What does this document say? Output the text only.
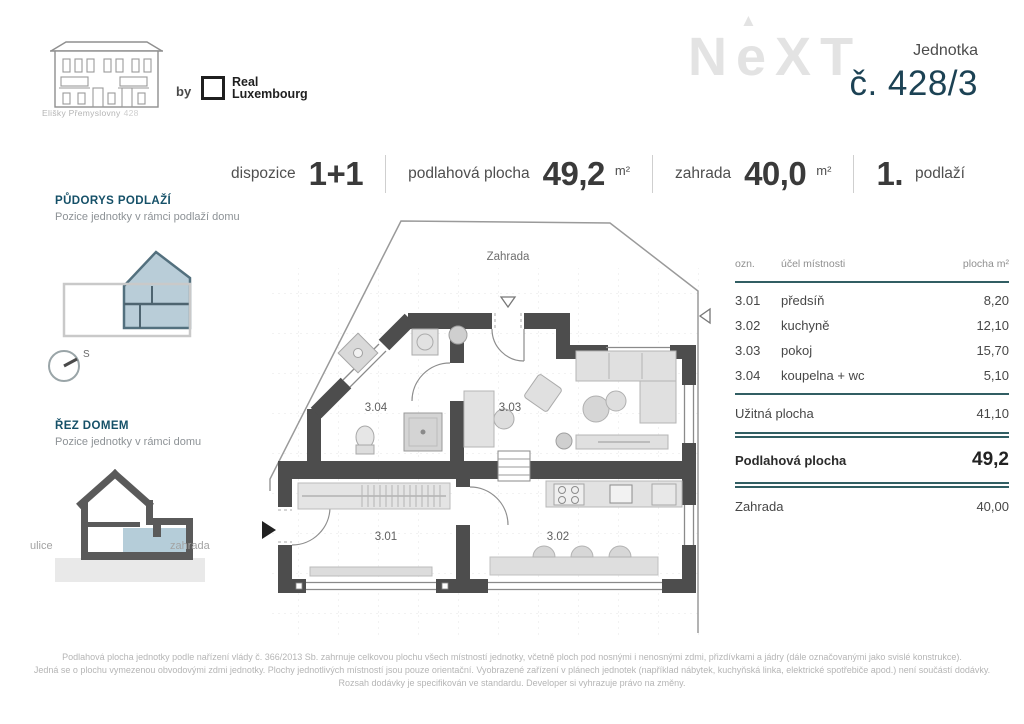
Elišky Přemyslovny 428
by
Real
Luxembourg
N e
▲
X T	Jednotka
č. 428/3
dispozice 1+1	podlahová plocha 49,2 m²	zahrada 40,0 m² 1. podlaží
PŮDORYS PODLAŽÍ
Pozice jednotky v rámci podlaží domu
S
ŘEZ DOMEM
Pozice jednotky v rámci domu
ulice	zahrada
Zahrada
3.01	3.02
3.03
3.04
ozn.	účel místnosti	plocha m²
3.01	předsíň	8,20
3.02	kuchyně	12,10
3.03	pokoj	15,70
3.04	koupelna + wc	5,10
Užitná plocha	41,10
Podlahová plocha	49,2
Zahrada	40,00
Podlahová plocha jednotky podle nařízení vlády č. 366/2013 Sb. zahrnuje celkovou plochu všech místností jednotky, včetně ploch pod nosnými i nenosnými zdmi, přizdívkami a jádry (dále označovanými jako svislé konstrukce).
Jedná se o plochu vymezenou obvodovými zdmi jednotky. Plochy jednotlivých místností jsou pouze orientační. Vyobrazené zařízení v plánech jednotek (například nábytek, kuchyňská linka, elektrické spotřebiče apod.) není součástí dodávky.
Rozsah dodávky je specifikován ve standardu. Developer si vyhrazuje právo na změny.
